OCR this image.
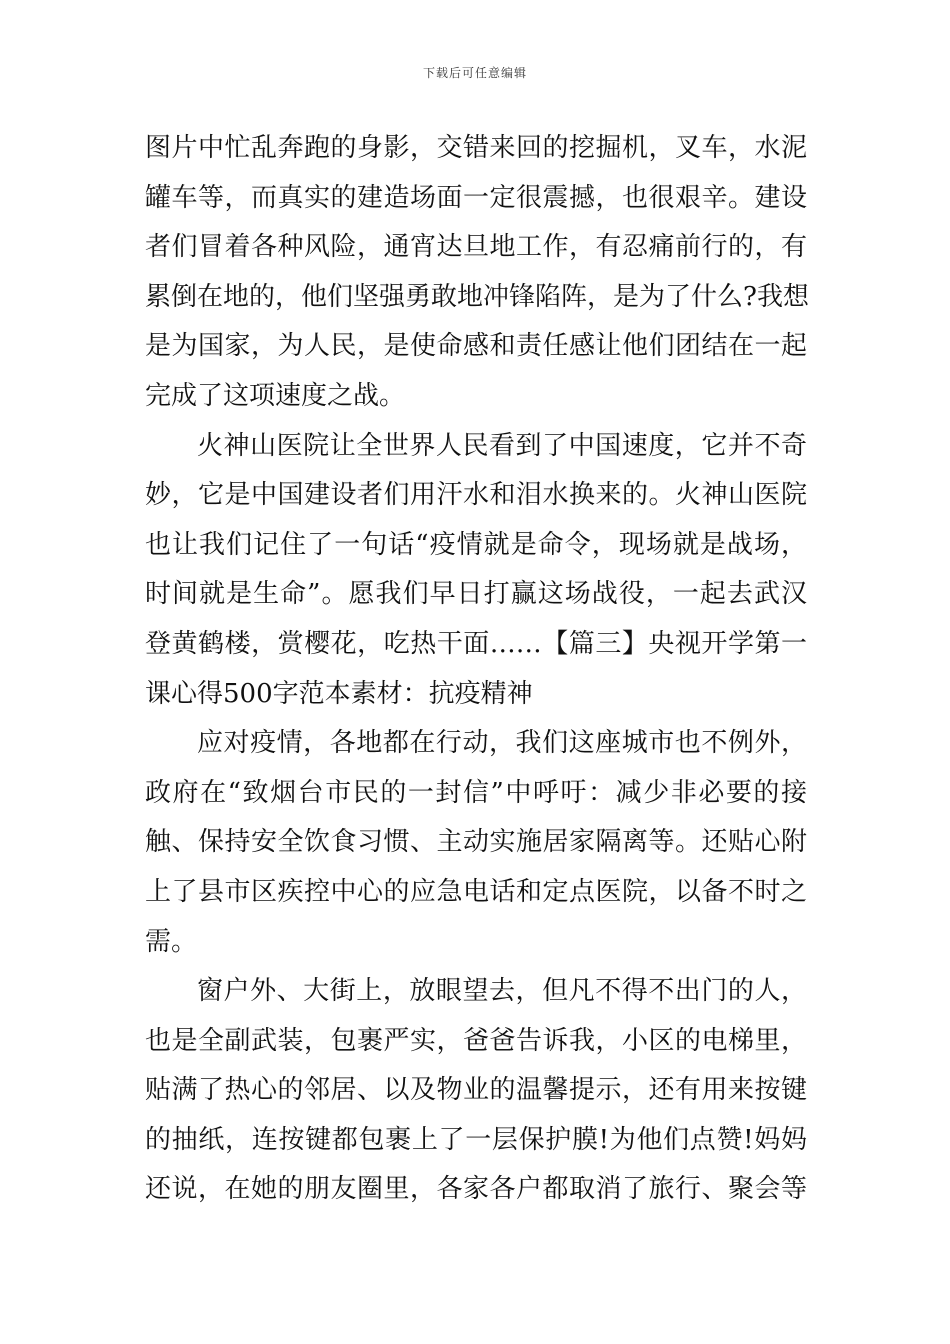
下载后可任意编辑
图片中忙乱奔跑的身影，交错来回的挖掘机，叉车，水泥
罐车等，而真实的建造场面一定很震撼，也很艰辛。建设
者们冒着各种风险，通宵达旦地工作，有忍痛前行的，有
累倒在地的，他们坚强勇敢地冲锋陷阵，是为了什么?我想
是为国家，为人民，是使命感和责任感让他们团结在一起
完成了这项速度之战。
火神山医院让全世界人民看到了中国速度，它并不奇
妙，它是中国建设者们用汗水和泪水换来的。火神山医院
也让我们记住了一句话“疫情就是命令，现场就是战场，
时间就是生命”。愿我们早日打赢这场战役，一起去武汉
登黄鹤楼，赏樱花，吃热干面……【篇三】央视开学第一
课心得500字范本素材：抗疫精神
应对疫情，各地都在行动，我们这座城市也不例外，
政府在“致烟台市民的一封信”中呼吁：减少非必要的接
触、保持安全饮食习惯、主动实施居家隔离等。还贴心附
上了县市区疾控中心的应急电话和定点医院，以备不时之
需。
窗户外、大街上，放眼望去，但凡不得不出门的人，
也是全副武装，包裹严实，爸爸告诉我，小区的电梯里，
贴满了热心的邻居、以及物业的温馨提示，还有用来按键
的抽纸，连按键都包裹上了一层保护膜!为他们点赞!妈妈
还说，在她的朋友圈里，各家各户都取消了旅行、聚会等
